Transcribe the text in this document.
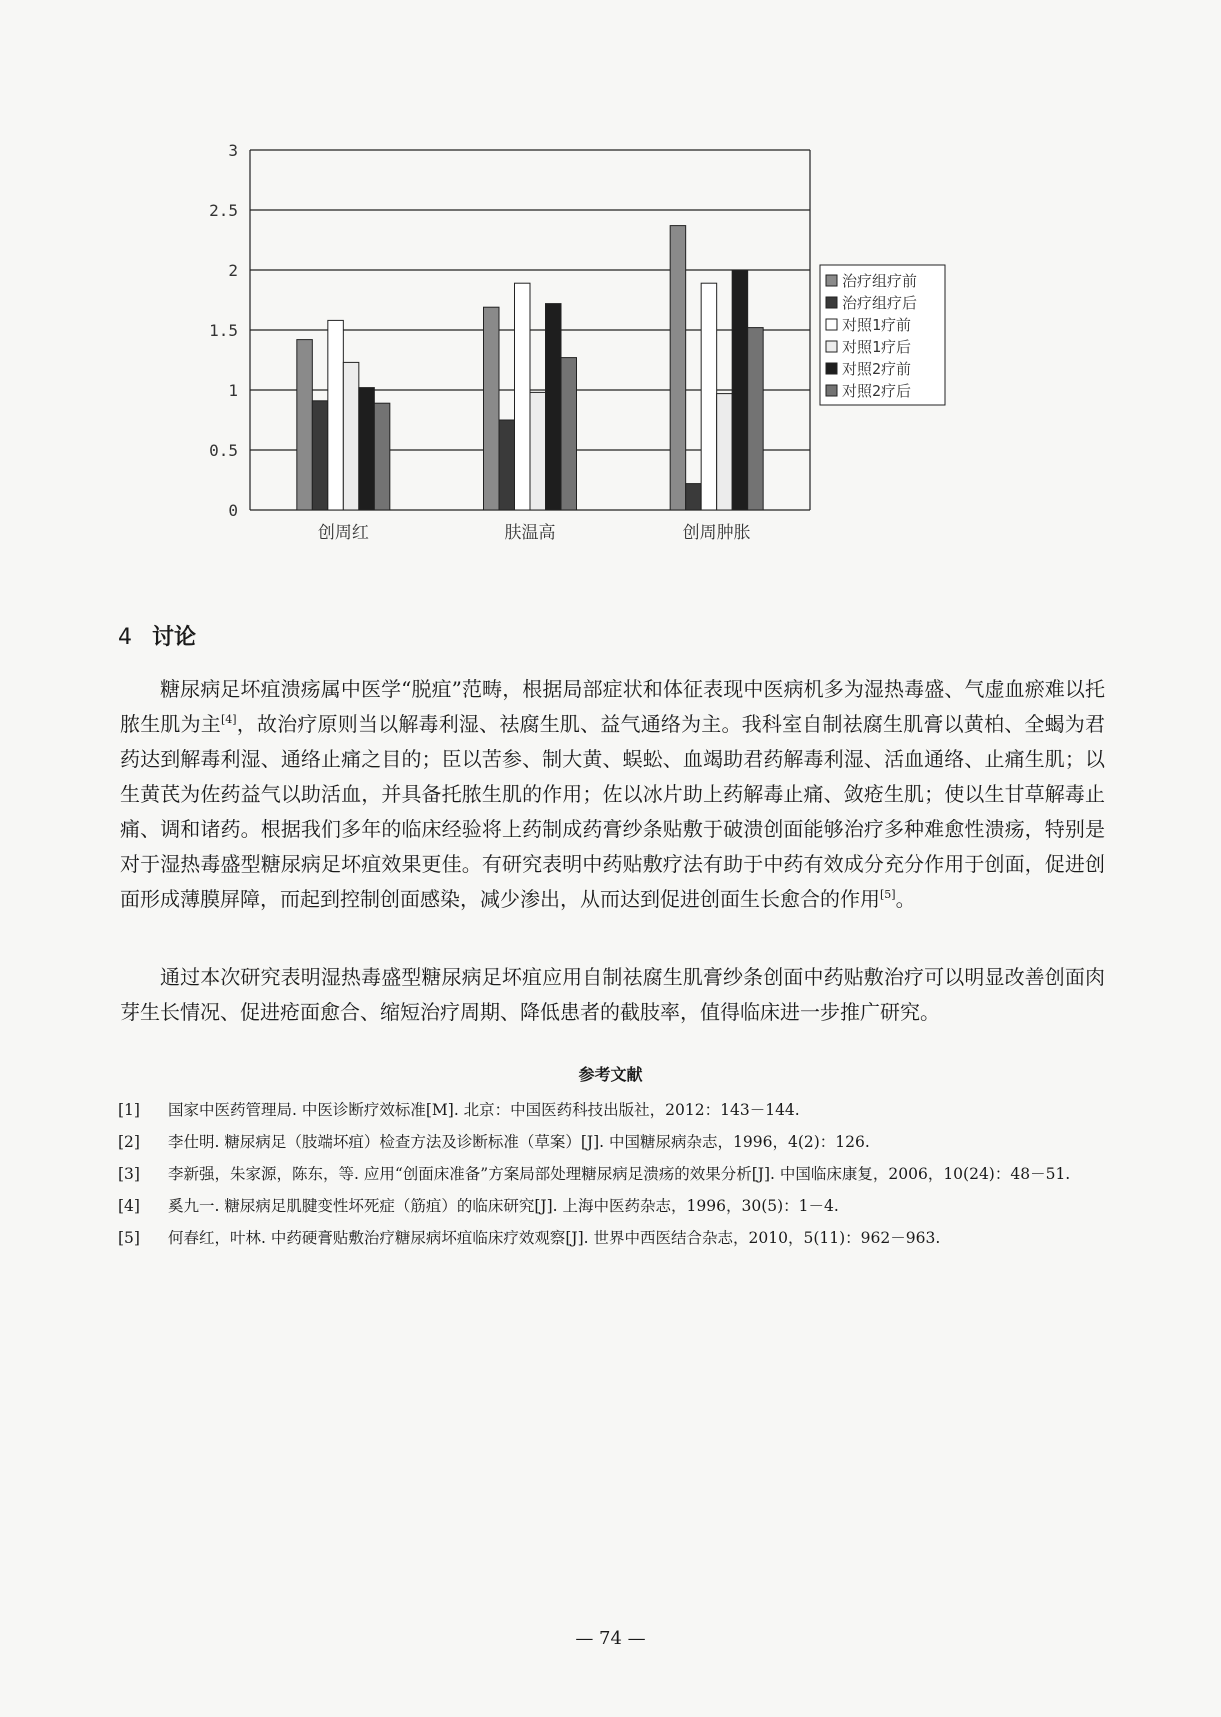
0
0.5
1
1.5
2
2.5
3
创周红	肤温高	创周肿胀
治疗组疗前
治疗组疗后
对照1疗前
对照1疗后
对照2疗前
对照2疗后
4 讨论

糖尿病足坏疽溃疡属中医学“脱疽”范畴，根据局部症状和体征表现中医病机多为湿热毒盛、气虚血瘀难以托脓生肌为主[4]，故治疗原则当以解毒利湿、祛腐生肌、益气通络为主。我科室自制祛腐生肌膏以黄柏、全蝎为君药达到解毒利湿、通络止痛之目的；臣以苦参、制大黄、蜈蚣、血竭助君药解毒利湿、活血通络、止痛生肌；以生黄芪为佐药益气以助活血，并具备托脓生肌的作用；佐以冰片助上药解毒止痛、敛疮生肌；使以生甘草解毒止痛、调和诸药。根据我们多年的临床经验将上药制成药膏纱条贴敷于破溃创面能够治疗多种难愈性溃疡，特别是对于湿热毒盛型糖尿病足坏疽效果更佳。有研究表明中药贴敷疗法有助于中药有效成分充分作用于创面，促进创面形成薄膜屏障，而起到控制创面感染，减少渗出，从而达到促进创面生长愈合的作用[5]。

通过本次研究表明湿热毒盛型糖尿病足坏疽应用自制祛腐生肌膏纱条创面中药贴敷治疗可以明显改善创面肉芽生长情况、促进疮面愈合、缩短治疗周期、降低患者的截肢率，值得临床进一步推广研究。

参考文献
[1]	国家中医药管理局. 中医诊断疗效标准[M]. 北京：中国医药科技出版社，2012：143－144.
[2]	李仕明. 糖尿病足（肢端坏疽）检查方法及诊断标准（草案）[J]. 中国糖尿病杂志，1996，4(2)：126.
[3]	李新强，朱家源，陈东，等. 应用“创面床准备”方案局部处理糖尿病足溃疡的效果分析[J]. 中国临床康复，2006，10(24)：48－51.
[4]	奚九一. 糖尿病足肌腱变性坏死症（筋疽）的临床研究[J]. 上海中医药杂志，1996，30(5)：1－4.
[5]	何春红，叶林. 中药硬膏贴敷治疗糖尿病坏疽临床疗效观察[J]. 世界中西医结合杂志，2010，5(11)：962－963.
— 74 —
